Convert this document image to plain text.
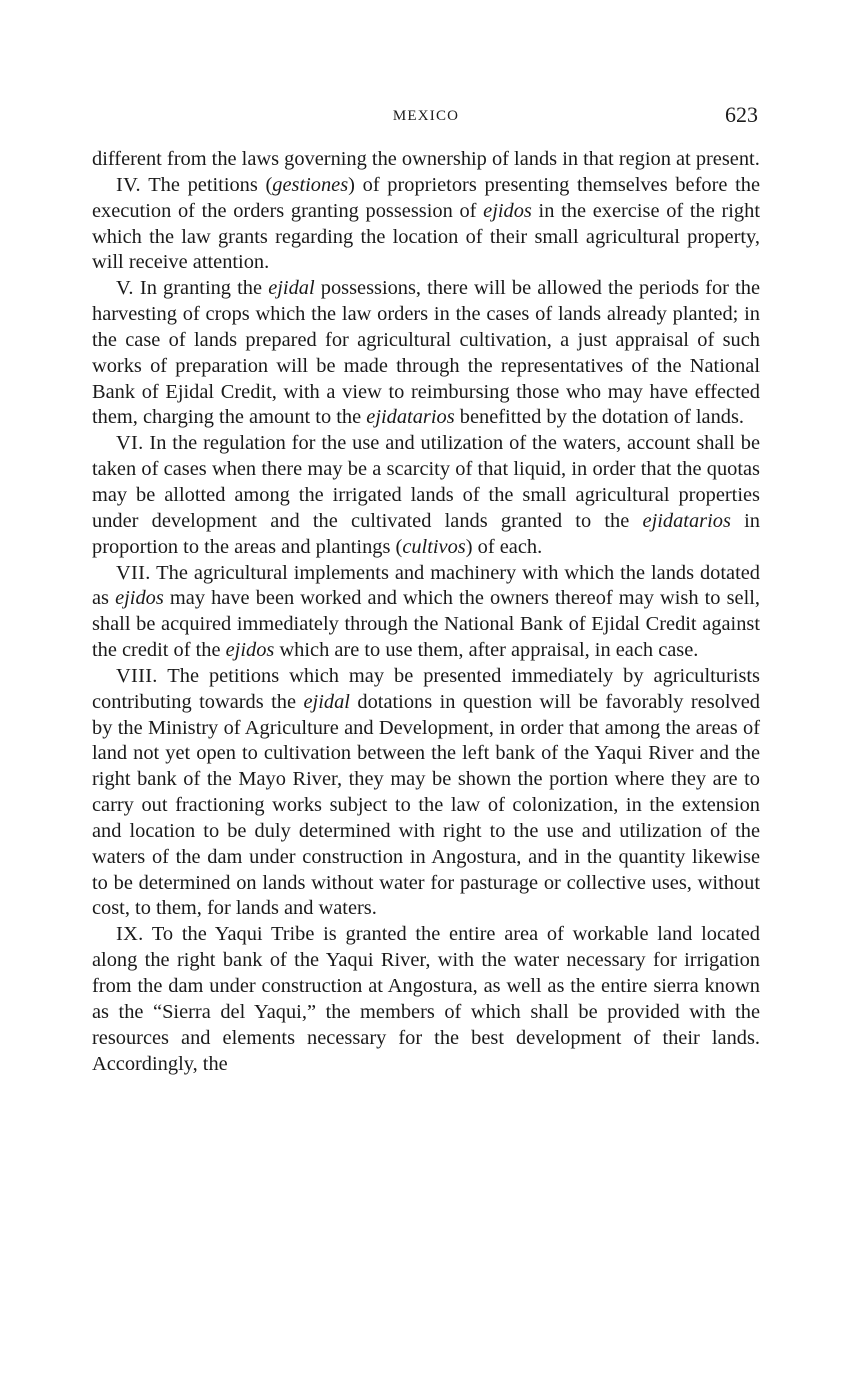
MEXICO	623

different from the laws governing the ownership of lands in that region at present.

IV. The petitions (gestiones) of proprietors presenting themselves before the execution of the orders granting possession of ejidos in the exercise of the right which the law grants regarding the location of their small agricultural property, will receive attention.

V. In granting the ejidal possessions, there will be allowed the periods for the harvesting of crops which the law orders in the cases of lands already planted; in the case of lands prepared for agricultural cultivation, a just appraisal of such works of preparation will be made through the representatives of the National Bank of Ejidal Credit, with a view to reimbursing those who may have effected them, charging the amount to the ejidatarios benefitted by the dotation of lands.

VI. In the regulation for the use and utilization of the waters, account shall be taken of cases when there may be a scarcity of that liquid, in order that the quotas may be allotted among the irrigated lands of the small agricultural properties under development and the cultivated lands granted to the ejidatarios in proportion to the areas and plantings (cultivos) of each.

VII. The agricultural implements and machinery with which the lands dotated as ejidos may have been worked and which the owners thereof may wish to sell, shall be acquired immediately through the National Bank of Ejidal Credit against the credit of the ejidos which are to use them, after appraisal, in each case.

VIII. The petitions which may be presented immediately by agriculturists contributing towards the ejidal dotations in question will be favorably resolved by the Ministry of Agriculture and Development, in order that among the areas of land not yet open to cultivation between the left bank of the Yaqui River and the right bank of the Mayo River, they may be shown the portion where they are to carry out fractioning works subject to the law of colonization, in the extension and location to be duly determined with right to the use and utilization of the waters of the dam under construction in Angostura, and in the quantity likewise to be determined on lands without water for pasturage or collective uses, without cost, to them, for lands and waters.

IX. To the Yaqui Tribe is granted the entire area of workable land located along the right bank of the Yaqui River, with the water necessary for irrigation from the dam under construction at Angostura, as well as the entire sierra known as the “Sierra del Yaqui,” the members of which shall be provided with the resources and elements necessary for the best development of their lands. Accordingly, the
